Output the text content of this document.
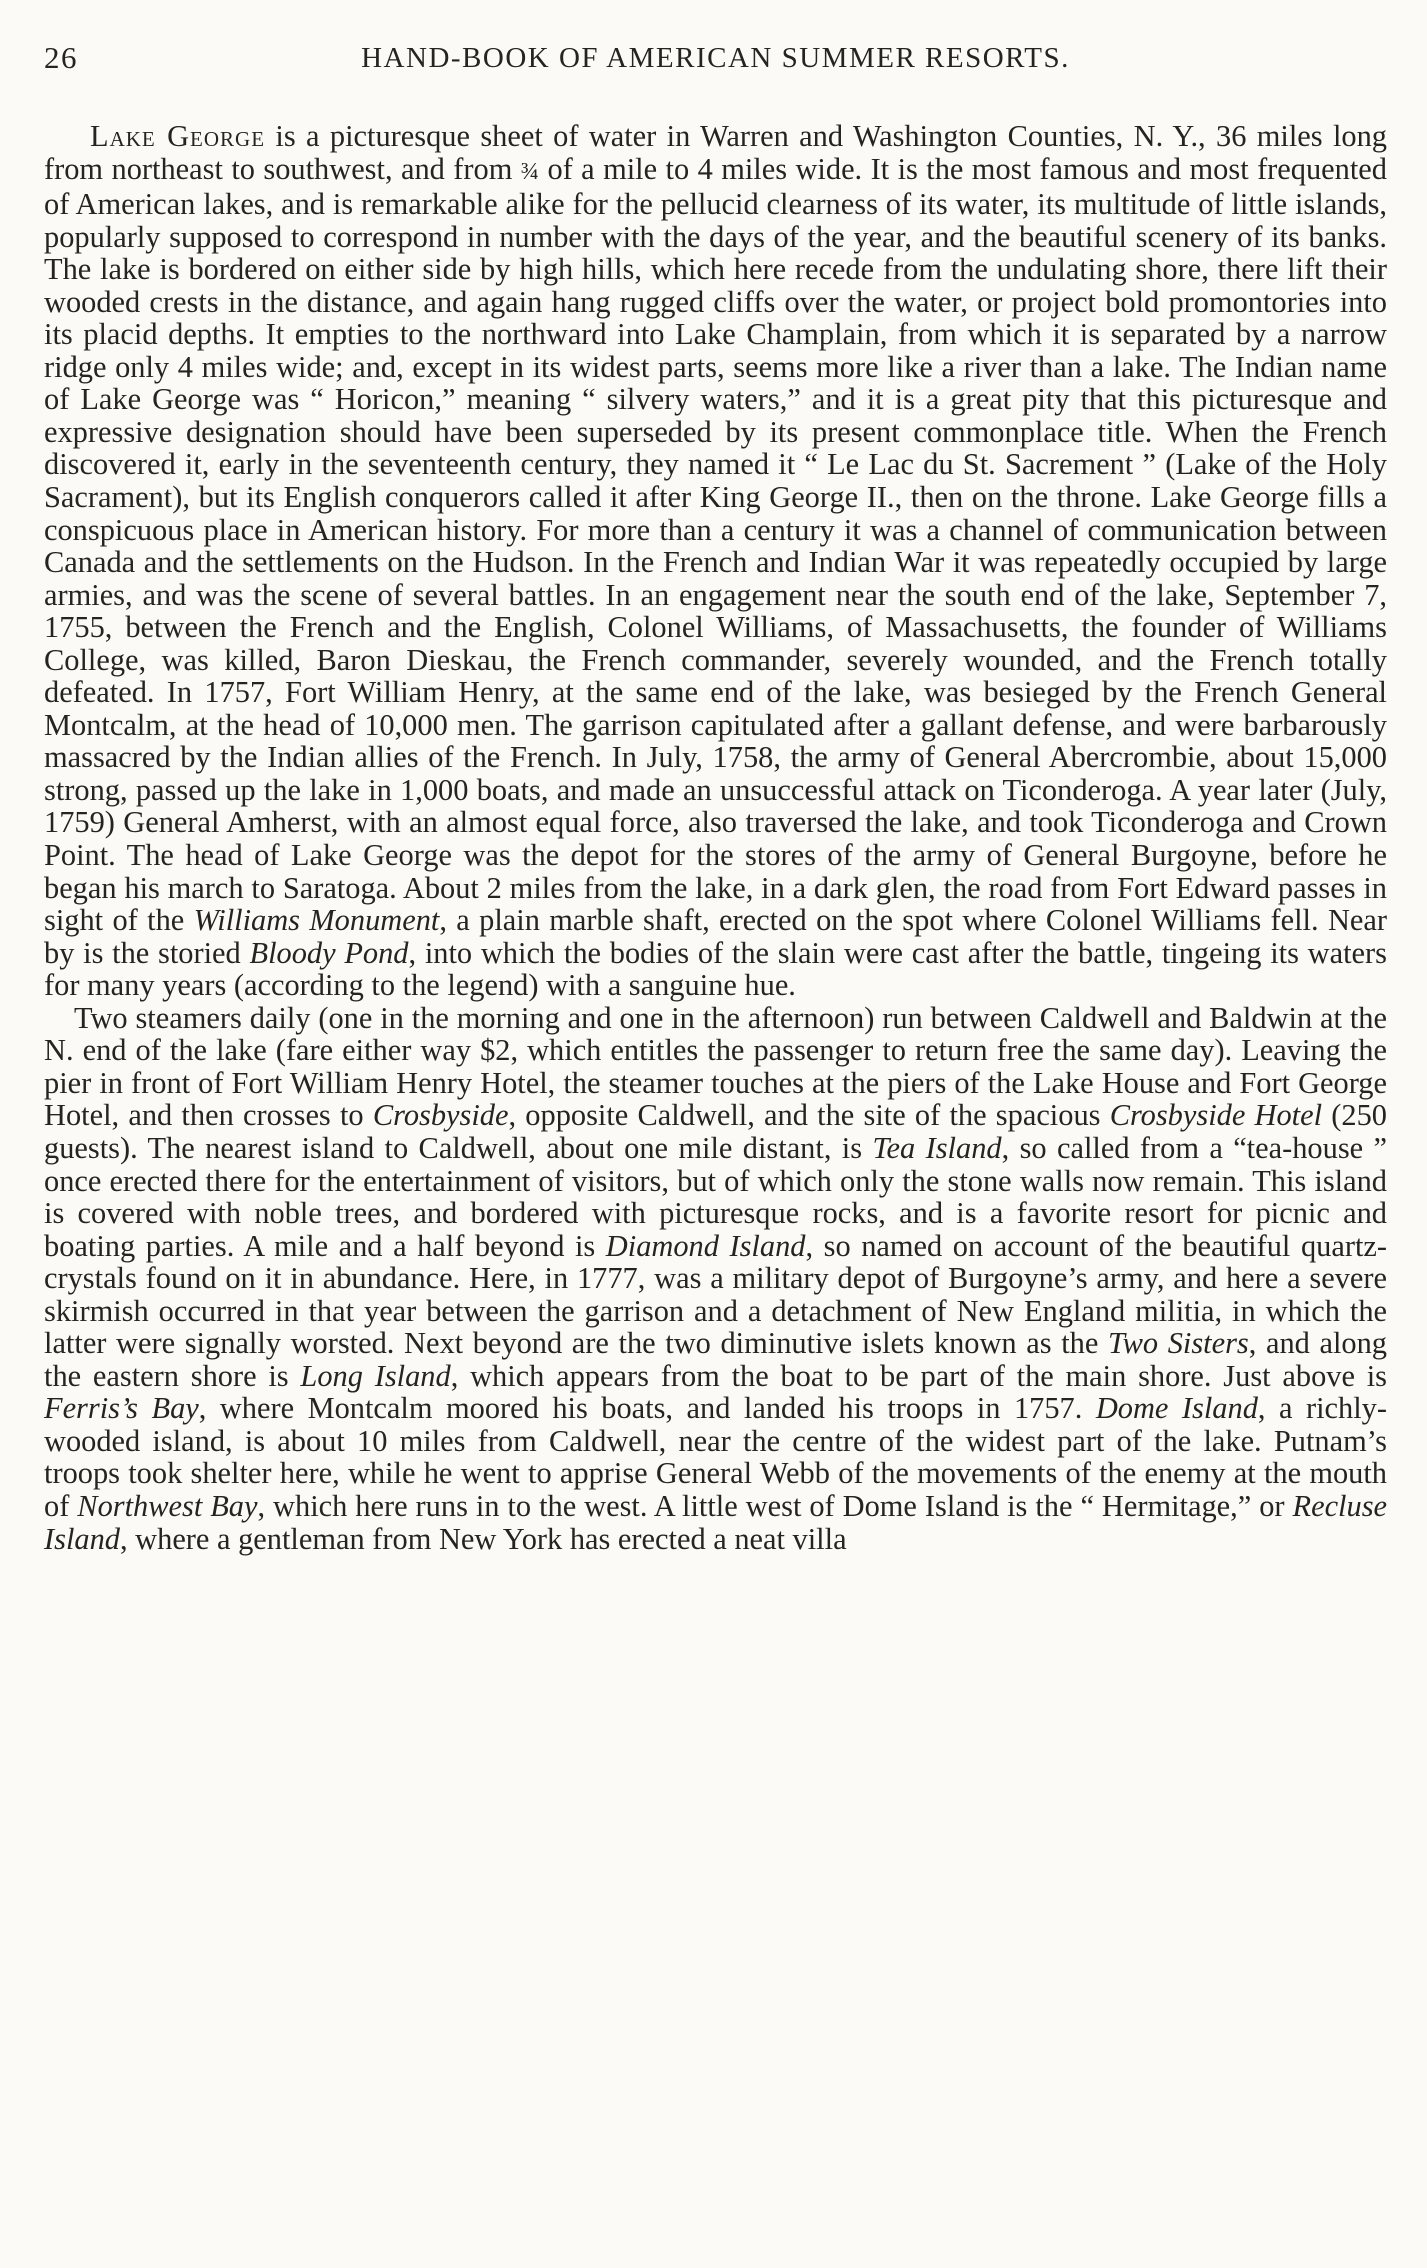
26	HAND-BOOK OF AMERICAN SUMMER RESORTS.

Lake George is a picturesque sheet of water in Warren and Washington Counties, N. Y., 36 miles long from northeast to southwest, and from ¾ of a mile to 4 miles wide. It is the most famous and most frequented of American lakes, and is remarkable alike for the pellucid clearness of its water, its multitude of little islands, popularly supposed to correspond in number with the days of the year, and the beautiful scenery of its banks. The lake is bordered on either side by high hills, which here recede from the undulating shore, there lift their wooded crests in the distance, and again hang rugged cliffs over the water, or project bold promontories into its placid depths. It empties to the northward into Lake Champlain, from which it is separated by a narrow ridge only 4 miles wide; and, except in its widest parts, seems more like a river than a lake. The Indian name of Lake George was “ Horicon,” meaning “ silvery waters,” and it is a great pity that this picturesque and expressive designation should have been superseded by its present commonplace title. When the French discovered it, early in the seventeenth century, they named it “ Le Lac du St. Sacrement ” (Lake of the Holy Sacrament), but its English conquerors called it after King George II., then on the throne. Lake George fills a conspicuous place in American history. For more than a century it was a channel of communication between Canada and the settlements on the Hudson. In the French and Indian War it was repeatedly occupied by large armies, and was the scene of several battles. In an engagement near the south end of the lake, September 7, 1755, between the French and the English, Colonel Williams, of Massachusetts, the founder of Williams College, was killed, Baron Dieskau, the French commander, severely wounded, and the French totally defeated. In 1757, Fort William Henry, at the same end of the lake, was besieged by the French General Montcalm, at the head of 10,000 men. The garrison capitulated after a gallant defense, and were barbarously massacred by the Indian allies of the French. In July, 1758, the army of General Abercrombie, about 15,000 strong, passed up the lake in 1,000 boats, and made an unsuccessful attack on Ticonderoga. A year later (July, 1759) General Amherst, with an almost equal force, also traversed the lake, and took Ticonderoga and Crown Point. The head of Lake George was the depot for the stores of the army of General Burgoyne, before he began his march to Saratoga. About 2 miles from the lake, in a dark glen, the road from Fort Edward passes in sight of the Williams Monument, a plain marble shaft, erected on the spot where Colonel Williams fell. Near by is the storied Bloody Pond, into which the bodies of the slain were cast after the battle, tingeing its waters for many years (according to the legend) with a sanguine hue.

Two steamers daily (one in the morning and one in the afternoon) run between Caldwell and Baldwin at the N. end of the lake (fare either way $2, which entitles the passenger to return free the same day). Leaving the pier in front of Fort William Henry Hotel, the steamer touches at the piers of the Lake House and Fort George Hotel, and then crosses to Crosbyside, opposite Caldwell, and the site of the spacious Crosbyside Hotel (250 guests). The nearest island to Caldwell, about one mile distant, is Tea Island, so called from a “tea-house ” once erected there for the entertainment of visitors, but of which only the stone walls now remain. This island is covered with noble trees, and bordered with picturesque rocks, and is a favorite resort for picnic and boating parties. A mile and a half beyond is Diamond Island, so named on account of the beautiful quartz-crystals found on it in abundance. Here, in 1777, was a military depot of Burgoyne’s army, and here a severe skirmish occurred in that year between the garrison and a detachment of New England militia, in which the latter were signally worsted. Next beyond are the two diminutive islets known as the Two Sisters, and along the eastern shore is Long Island, which appears from the boat to be part of the main shore. Just above is Ferris’s Bay, where Montcalm moored his boats, and landed his troops in 1757. Dome Island, a richly-wooded island, is about 10 miles from Caldwell, near the centre of the widest part of the lake. Putnam’s troops took shelter here, while he went to apprise General Webb of the movements of the enemy at the mouth of Northwest Bay, which here runs in to the west. A little west of Dome Island is the “ Hermitage,” or Recluse Island, where a gentleman from New York has erected a neat villa
